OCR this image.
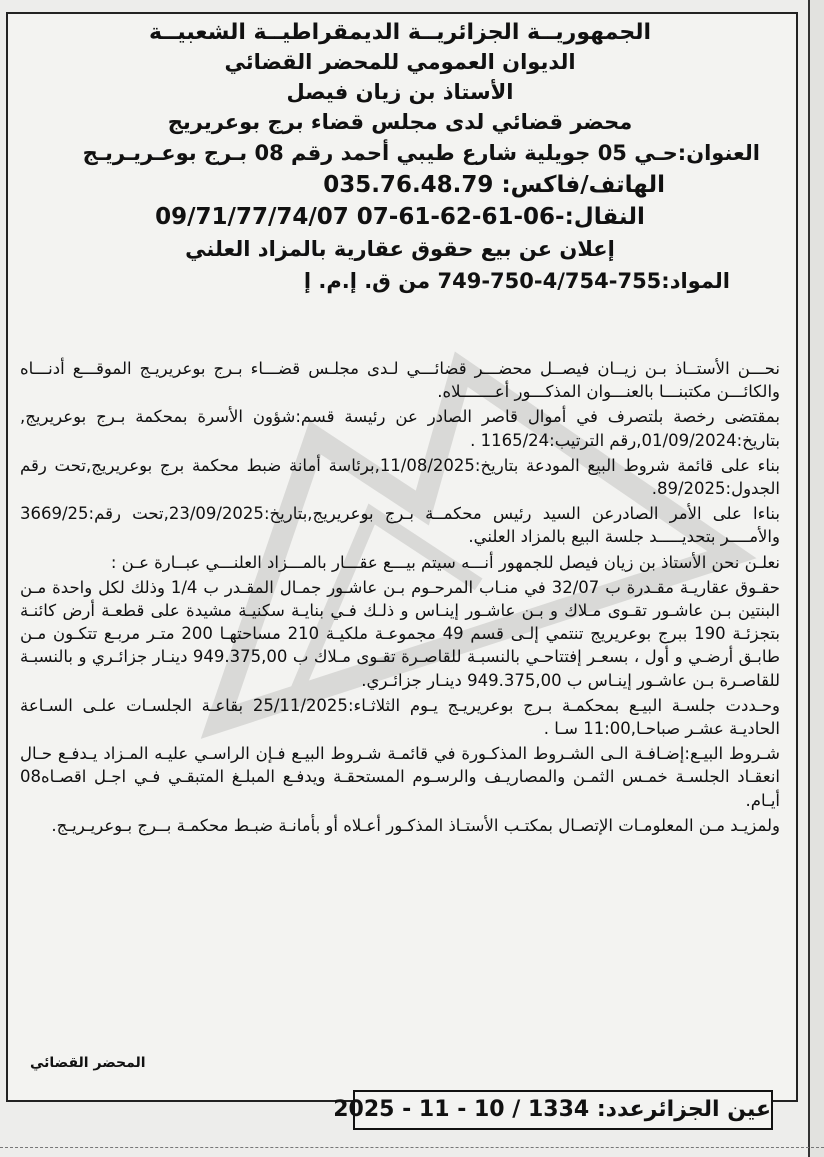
الجمهوريــة الجزائريــة الديمقراطيــة الشعبيــة
الديوان العمومي للمحضر القضائي
الأستاذ بن زيان فيصل
محضر قضائي لدى مجلس قضاء برج بوعريريج
العنوان:حـي 05 جويلية شارع طيبي أحمد رقم 08 بـرج بوعـريـريـج
الهاتف/فاكس: 035.76.48.79
النقال:-06-61-62-61-07 09/71/77/74/07
إعلان عن بيع حقوق عقارية بالمزاد العلني
المواد:755-4/754-750-749 من ق. إ.م. إ

نحـــن الأستــاذ بـن زيــان فيصــل محضـــر قضائـــي لـدى مجلـس قضـــاء بـرج بوعريريـج الموقـــع أدنـــاه والكائـــن مكتبنـــا بالعنـــوان المذكـــور أعـــــــلاه.

بمقتضى رخصة بلتصرف في أموال قاصر الصادر عن رئيسة قسم:شؤون الأسرة بمحكمة بـرج بوعريريج, بتاريخ:01/09/2024,رقم الترتيب:1165/24 .

بناء على قائمة شروط البيع المودعة بتاريخ:11/08/2025,برئاسة أمانة ضبط محكمة برج بوعريريج,تحت رقم الجدول:89/2025.

بناءا على الأمر الصادرعن السيد رئيس محكمــة بـرج بوعريريج,بتاريخ:23/09/2025,تحت رقم:3669/25 والأمــــر بتحديـــــد جلسة البيع بالمزاد العلني.

نعلـن نحن الأستاذ بن زيان فيصل للجمهور أنـــه سيتم بيـــع عقـــار بالمـــزاد العلنـــي عبــارة عـن :

حقـوق عقاريـة مقـدرة ب 32/07 في منـاب المرحـوم بـن عاشـور جمـال المقـدر ب 1/4 وذلك لكل واحدة مـن البنتين بـن عاشـور تقـوى مـلاك و بـن عاشـور إينـاس و ذلـك فـي بنايـة سكنيـة مشيدة على قطعـة أرض كائنـة بتجزئـة 190 ببرج بوعريريج تنتمي إلـى قسم 49 مجموعـة ملكيـة 210 مساحتهـا 200 متـر مربـع تتكـون مـن طابـق أرضـي و أول ، بسعـر إفتتاحـي بالنسبـة للقاصـرة تقـوى مـلاك ب 949.375,00 دينـار جزائـري و بالنسبـة للقاصـرة بـن عاشـور إينـاس ب 949.375,00 دينـار جزائـري.

وحـددت جلسـة البيـع بمحكمـة بـرج بوعريريـج يـوم الثلاثـاء:25/11/2025 بقاعـة الجلسـات علـى السـاعة الحاديـة عشـر صباحـا,11:00 سـا .

شـروط البيـع:إضـافـة الـى الشـروط المذكـورة في قائمـة شـروط البيـع فـإن الراسـي عليـه المـزاد يـدفـع حـال انعقـاد الجلسـة خمـس الثمـن والمصاريـف والرسـوم المستحقـة ويدفـع المبلـغ المتبقـي فـي اجـل اقصـاه08 أيـام.

ولمزيـد مـن المعلومـات الإتصـال بمكتـب الأستـاذ المذكـور أعـلاه أو بأمانـة ضبـط محكمـة بــرج بـوعريـريـج.

المحضر القضائي
عين الجزائرعدد: 1334 / 2025 - 11 - 10
